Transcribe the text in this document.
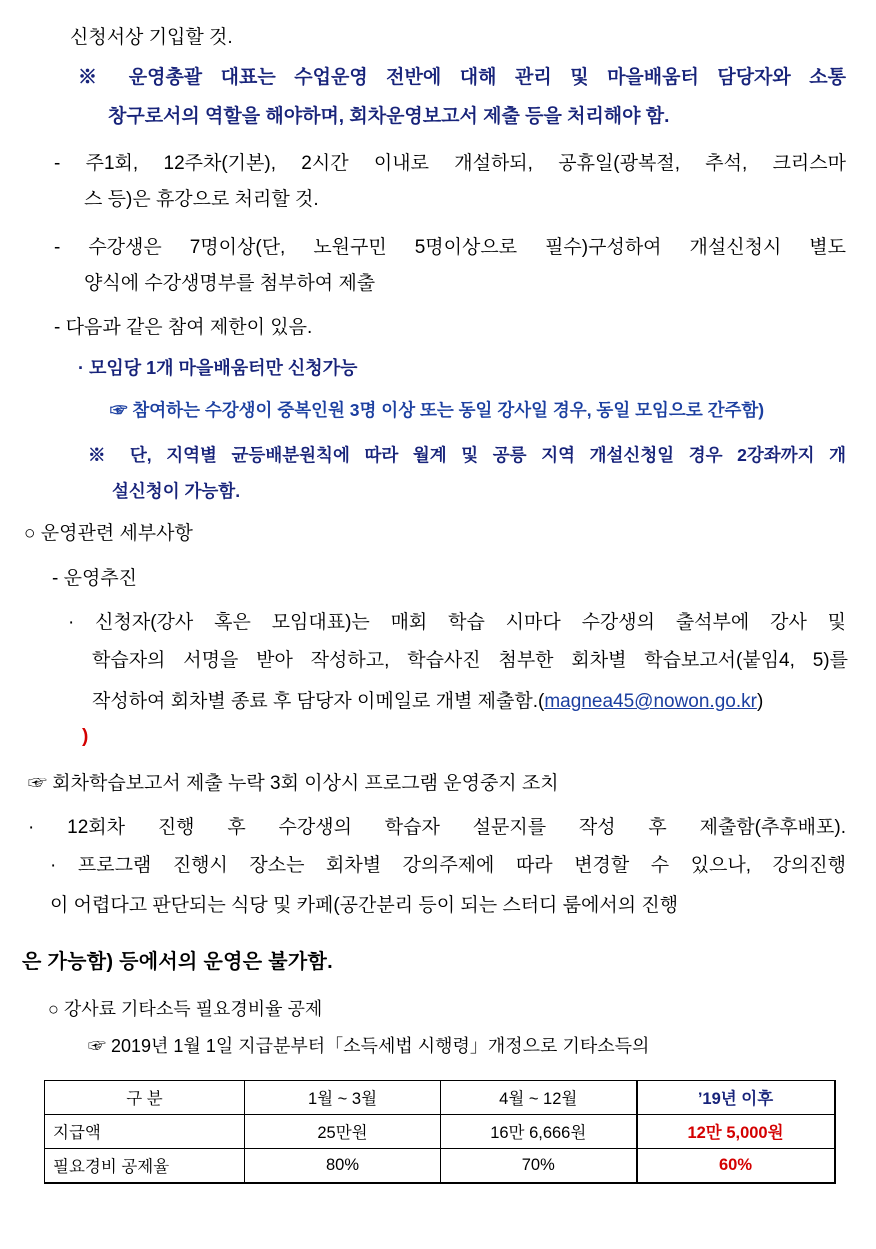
신청서상 기입할 것.
※ 운영총괄 대표는 수업운영 전반에 대해 관리 및 마을배움터 담당자와 소통
창구로서의 역할을 해야하며, 회차운영보고서 제출 등을 처리해야 함.
- 주1회, 12주차(기본), 2시간 이내로 개설하되, 공휴일(광복절, 추석, 크리스마
스 등)은 휴강으로 처리할 것.
- 수강생은 7명이상(단, 노원구민 5명이상으로 필수)구성하여 개설신청시 별도
양식에 수강생명부를 첨부하여 제출
- 다음과 같은 참여 제한이 있음.
· 모임당 1개 마을배움터만 신청가능
☞ 참여하는 수강생이 중복인원 3명 이상 또는 동일 강사일 경우, 동일 모임으로 간주함)
※ 단, 지역별 균등배분원칙에 따라 월계 및 공릉 지역 개설신청일 경우 2강좌까지 개
설신청이 가능함.
○ 운영관련 세부사항
- 운영추진
· 신청자(강사 혹은 모임대표)는 매회 학습 시마다 수강생의 출석부에 강사 및
학습자의 서명을 받아 작성하고, 학습사진 첨부한 회차별 학습보고서(붙임4, 5)를
작성하여 회차별 종료 후 담당자 이메일로 개별 제출함.(magnea45@nowon.go.kr)
)
☞ 회차학습보고서 제출 누락 3회 이상시 프로그램 운영중지 조치
· 12회차 진행 후 수강생의 학습자 설문지를 작성 후 제출함(추후배포).
· 프로그램 진행시 장소는 회차별 강의주제에 따라 변경할 수 있으나, 강의진행
이 어렵다고 판단되는 식당 및 카페(공간분리 등이 되는 스터디 룸에서의 진행
은 가능함) 등에서의 운영은 불가함.
○ 강사료 기타소득 필요경비율 공제
☞ 2019년 1월 1일 지급분부터「소득세법 시행령」개정으로 기타소득의
구 분	1월 ~ 3월	4월 ~ 12월	’19년 이후
지급액	25만원	16만 6,666원	12만 5,000원
필요경비 공제율	80%	70%	60%
